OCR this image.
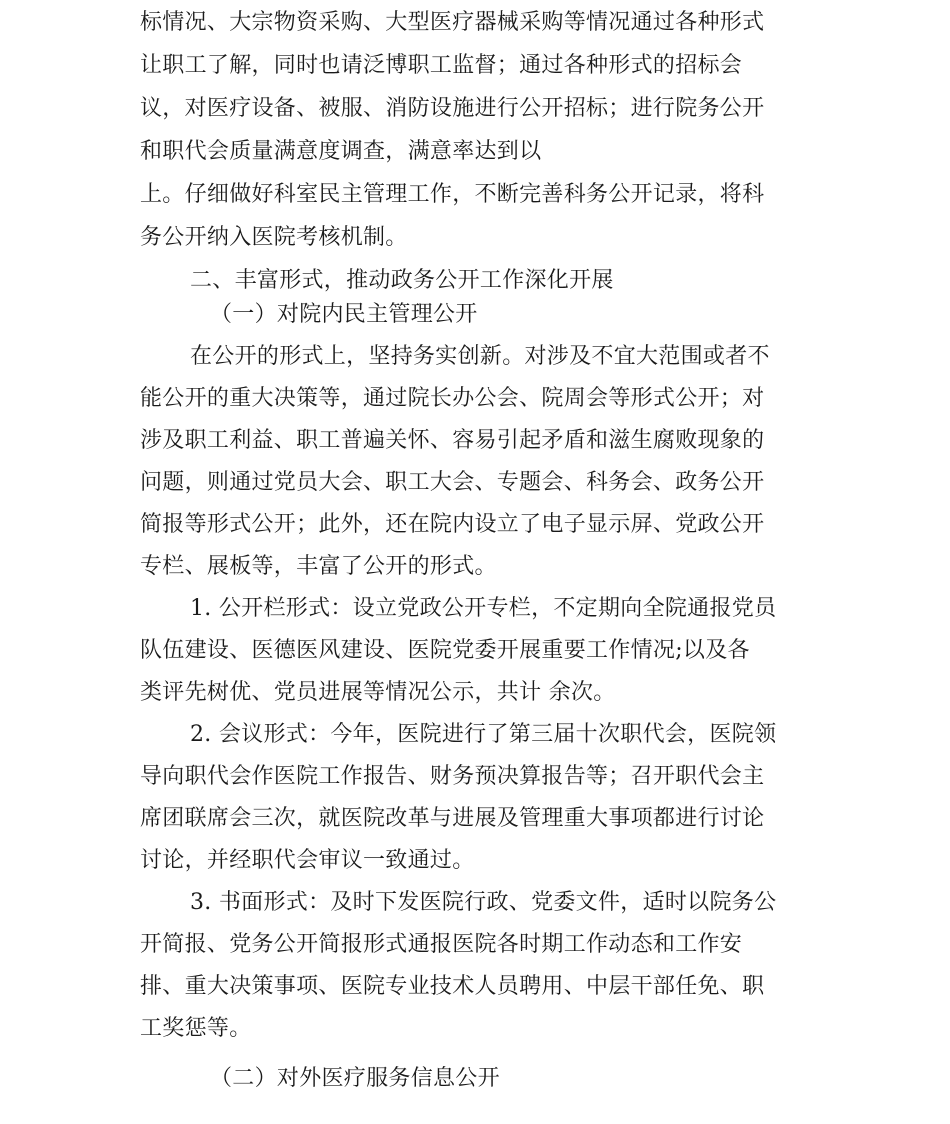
标情况、大宗物资采购、大型医疗器械采购等情况通过各种形式
让职工了解，同时也请泛博职工监督；通过各种形式的招标会
议，对医疗设备、被服、消防设施进行公开招标；进行院务公开
和职代会质量满意度调查，满意率达到以
上。仔细做好科室民主管理工作，不断完善科务公开记录，将科
务公开纳入医院考核机制。
二、丰富形式，推动政务公开工作深化开展
（一）对院内民主管理公开
在公开的形式上，坚持务实创新。对涉及不宜大范围或者不
能公开的重大决策等，通过院长办公会、院周会等形式公开；对
涉及职工利益、职工普遍关怀、容易引起矛盾和滋生腐败现象的
问题，则通过党员大会、职工大会、专题会、科务会、政务公开
简报等形式公开；此外，还在院内设立了电子显示屏、党政公开
专栏、展板等，丰富了公开的形式。
1. 公开栏形式：设立党政公开专栏，不定期向全院通报党员
队伍建设、医德医风建设、医院党委开展重要工作情况;以及各
类评先树优、党员进展等情况公示，共计 余次。
2. 会议形式：今年，医院进行了第三届十次职代会，医院领
导向职代会作医院工作报告、财务预决算报告等；召开职代会主
席团联席会三次，就医院改革与进展及管理重大事项都进行讨论
讨论，并经职代会审议一致通过。
3. 书面形式：及时下发医院行政、党委文件，适时以院务公
开简报、党务公开简报形式通报医院各时期工作动态和工作安
排、重大决策事项、医院专业技术人员聘用、中层干部任免、职
工奖惩等。
（二）对外医疗服务信息公开
